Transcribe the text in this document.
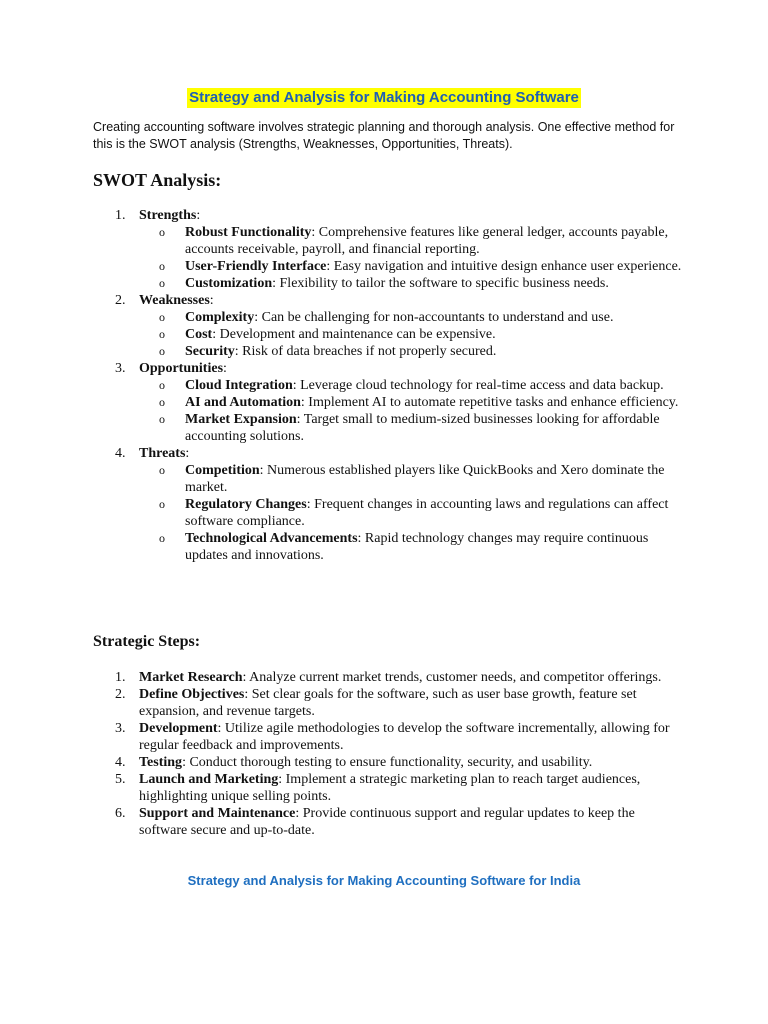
Strategy and Analysis for Making Accounting Software

Creating accounting software involves strategic planning and thorough analysis. One effective method for this is the SWOT analysis (Strengths, Weaknesses, Opportunities, Threats).

SWOT Analysis:
1. Strengths:
o Robust Functionality: Comprehensive features like general ledger, accounts payable, accounts receivable, payroll, and financial reporting.
o User-Friendly Interface: Easy navigation and intuitive design enhance user experience.
o Customization: Flexibility to tailor the software to specific business needs.
2. Weaknesses:
o Complexity: Can be challenging for non-accountants to understand and use.
o Cost: Development and maintenance can be expensive.
o Security: Risk of data breaches if not properly secured.
3. Opportunities:
o Cloud Integration: Leverage cloud technology for real-time access and data backup.
o AI and Automation: Implement AI to automate repetitive tasks and enhance efficiency.
o Market Expansion: Target small to medium-sized businesses looking for affordable accounting solutions.
4. Threats:
o Competition: Numerous established players like QuickBooks and Xero dominate the market.
o Regulatory Changes: Frequent changes in accounting laws and regulations can affect software compliance.
o Technological Advancements: Rapid technology changes may require continuous updates and innovations.
Strategic Steps:
1. Market Research: Analyze current market trends, customer needs, and competitor offerings.
2. Define Objectives: Set clear goals for the software, such as user base growth, feature set expansion, and revenue targets.
3. Development: Utilize agile methodologies to develop the software incrementally, allowing for regular feedback and improvements.
4. Testing: Conduct thorough testing to ensure functionality, security, and usability.
5. Launch and Marketing: Implement a strategic marketing plan to reach target audiences, highlighting unique selling points.
6. Support and Maintenance: Provide continuous support and regular updates to keep the software secure and up-to-date.
Strategy and Analysis for Making Accounting Software for India
